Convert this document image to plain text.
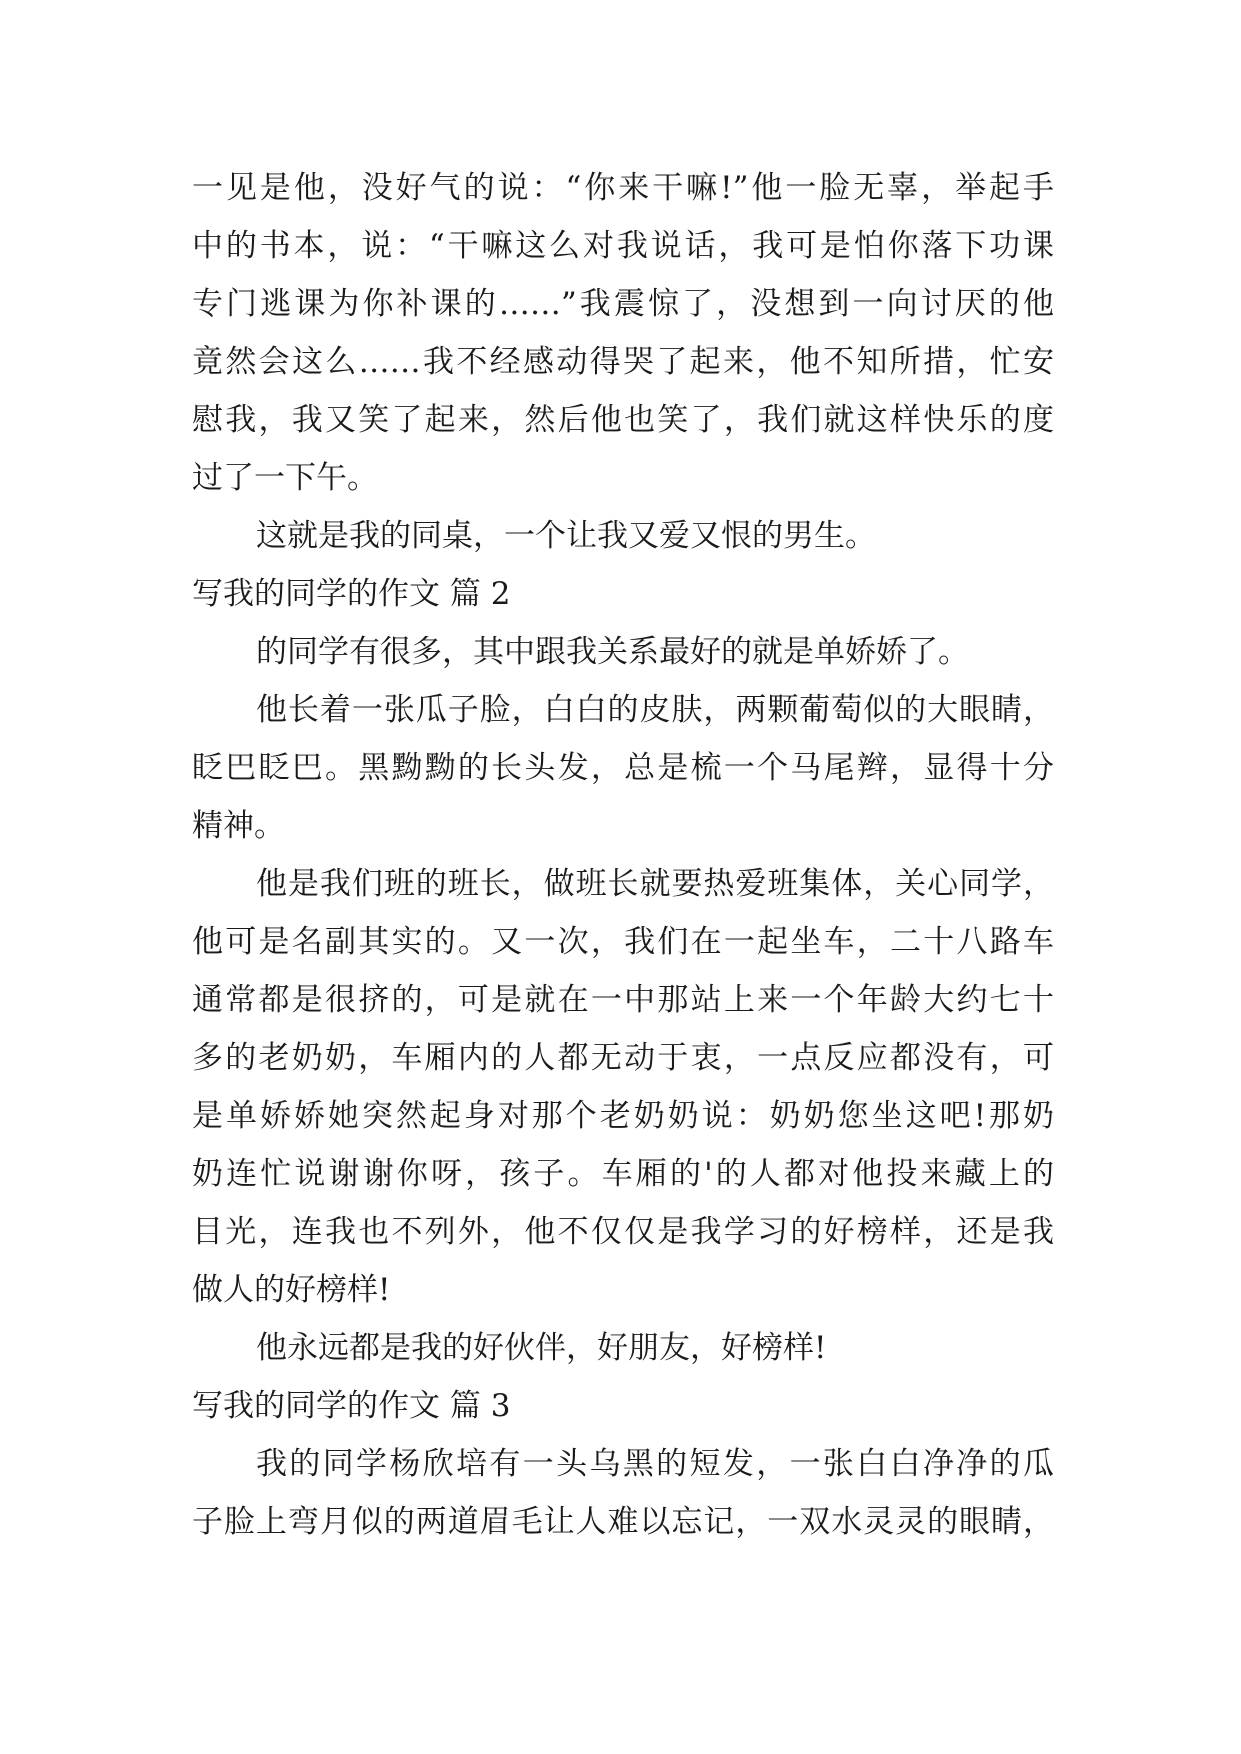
一见是他，没好气的说：“你来干嘛!”他一脸无辜，举起手
中的书本，说：“干嘛这么对我说话，我可是怕你落下功课
专门逃课为你补课的……”我震惊了，没想到一向讨厌的他
竟然会这么……我不经感动得哭了起来，他不知所措，忙安
慰我，我又笑了起来，然后他也笑了，我们就这样快乐的度
过了一下午。
这就是我的同桌，一个让我又爱又恨的男生。
写我的同学的作文 篇 2
的同学有很多，其中跟我关系最好的就是单娇娇了。
他长着一张瓜子脸，白白的皮肤，两颗葡萄似的大眼睛，
眨巴眨巴。黑黝黝的长头发，总是梳一个马尾辫，显得十分
精神。
他是我们班的班长，做班长就要热爱班集体，关心同学，
他可是名副其实的。又一次，我们在一起坐车，二十八路车
通常都是很挤的，可是就在一中那站上来一个年龄大约七十
多的老奶奶，车厢内的人都无动于衷，一点反应都没有，可
是单娇娇她突然起身对那个老奶奶说：奶奶您坐这吧!那奶
奶连忙说谢谢你呀，孩子。车厢的'的人都对他投来藏上的
目光，连我也不列外，他不仅仅是我学习的好榜样，还是我
做人的好榜样!
他永远都是我的好伙伴，好朋友，好榜样!
写我的同学的作文 篇 3
我的同学杨欣培有一头乌黑的短发，一张白白净净的瓜
子脸上弯月似的两道眉毛让人难以忘记，一双水灵灵的眼睛，
